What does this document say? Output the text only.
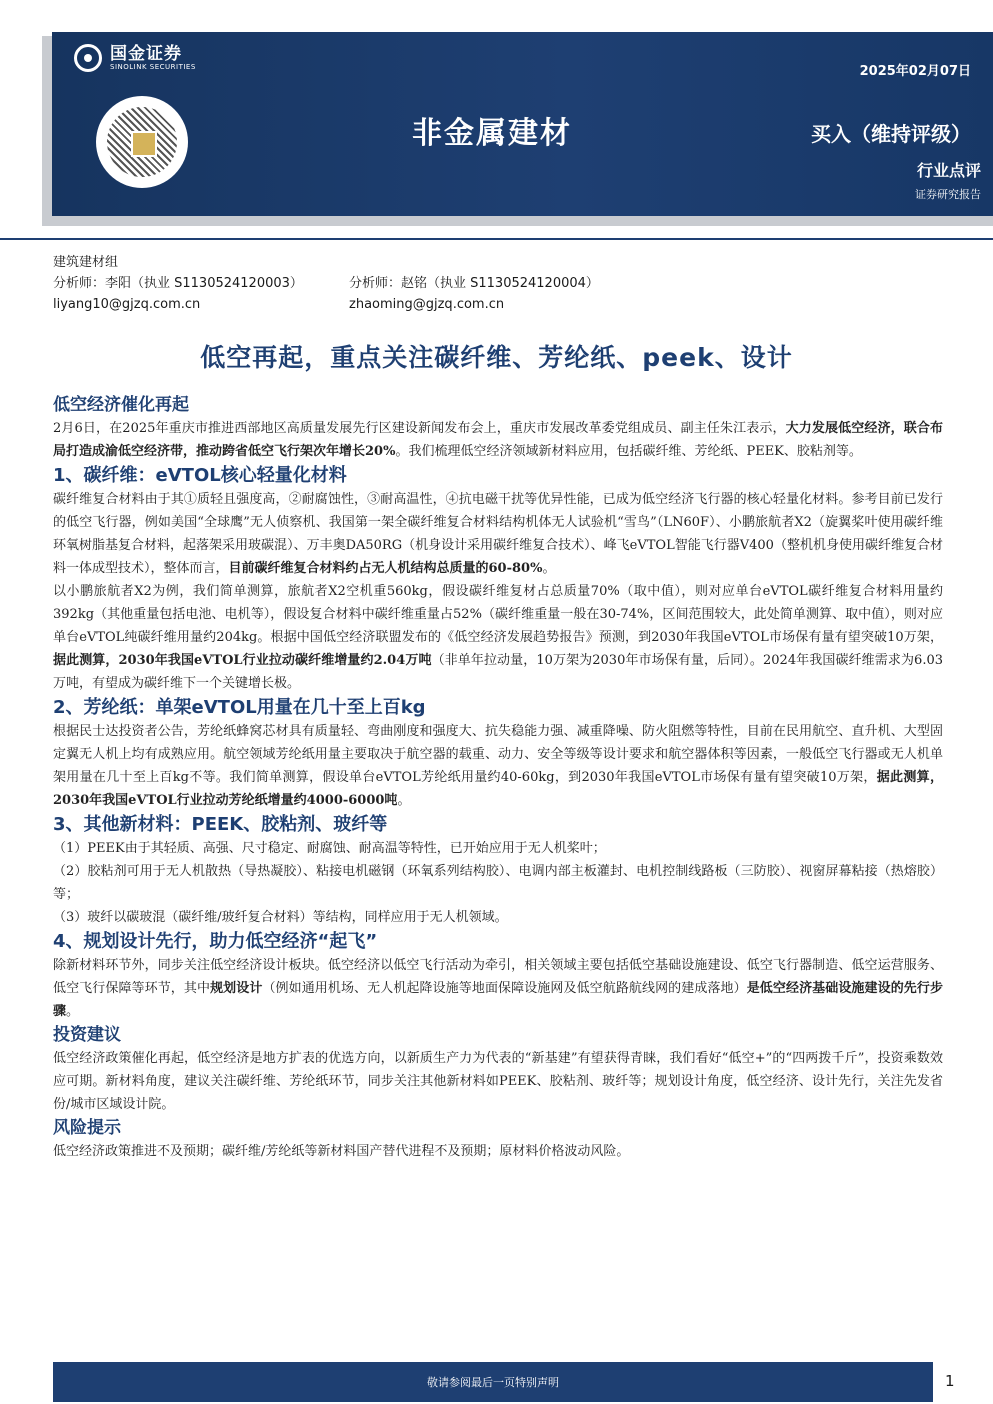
国金证券
SINOLINK SECURITIES	2025年02月07日
非金属建材	买入（维持评级）
行业点评
证券研究报告
建筑建材组
分析师：李阳（执业 S1130524120003）	分析师：赵铭（执业 S1130524120004）
liyang10@gjzq.com.cn	zhaoming@gjzq.com.cn
低空再起，重点关注碳纤维、芳纶纸、peek、设计
低空经济催化再起
2月6日，在2025年重庆市推进西部地区高质量发展先行区建设新闻发布会上，重庆市发展改革委党组成员、副主任朱江表示，大力发展低空经济，联合布局打造成渝低空经济带，推动跨省低空飞行架次年增长20%。我们梳理低空经济领域新材料应用，包括碳纤维、芳纶纸、PEEK、胶粘剂等。
1、碳纤维：eVTOL核心轻量化材料
碳纤维复合材料由于其①质轻且强度高，②耐腐蚀性，③耐高温性，④抗电磁干扰等优异性能，已成为低空经济飞行器的核心轻量化材料。参考目前已发行的低空飞行器，例如美国“全球鹰”无人侦察机、我国第一架全碳纤维复合材料结构机体无人试验机“雪鸟”（LN60F）、小鹏旅航者X2（旋翼桨叶使用碳纤维环氧树脂基复合材料，起落架采用玻碳混）、万丰奥DA50RG（机身设计采用碳纤维复合技术）、峰飞eVTOL智能飞行器V400（整机机身使用碳纤维复合材料一体成型技术），整体而言，目前碳纤维复合材料约占无人机结构总质量的60-80%。
以小鹏旅航者X2为例，我们简单测算，旅航者X2空机重560kg，假设碳纤维复材占总质量70%（取中值），则对应单台eVTOL碳纤维复合材料用量约392kg（其他重量包括电池、电机等），假设复合材料中碳纤维重量占52%（碳纤维重量一般在30-74%，区间范围较大，此处简单测算、取中值），则对应单台eVTOL纯碳纤维用量约204kg。根据中国低空经济联盟发布的《低空经济发展趋势报告》预测，到2030年我国eVTOL市场保有量有望突破10万架，据此测算，2030年我国eVTOL行业拉动碳纤维增量约2.04万吨（非单年拉动量，10万架为2030年市场保有量，后同）。2024年我国碳纤维需求为6.03万吨，有望成为碳纤维下一个关键增长极。
2、芳纶纸：单架eVTOL用量在几十至上百kg
根据民士达投资者公告，芳纶纸蜂窝芯材具有质量轻、弯曲刚度和强度大、抗失稳能力强、减重降噪、防火阻燃等特性，目前在民用航空、直升机、大型固定翼无人机上均有成熟应用。航空领域芳纶纸用量主要取决于航空器的载重、动力、安全等级等设计要求和航空器体积等因素，一般低空飞行器或无人机单架用量在几十至上百kg不等。我们简单测算，假设单台eVTOL芳纶纸用量约40-60kg，到2030年我国eVTOL市场保有量有望突破10万架，据此测算，2030年我国eVTOL行业拉动芳纶纸增量约4000-6000吨。
3、其他新材料：PEEK、胶粘剂、玻纤等
（1）PEEK由于其轻质、高强、尺寸稳定、耐腐蚀、耐高温等特性，已开始应用于无人机桨叶；
（2）胶粘剂可用于无人机散热（导热凝胶）、粘接电机磁钢（环氧系列结构胶）、电调内部主板灌封、电机控制线路板（三防胶）、视窗屏幕粘接（热熔胶）等；
（3）玻纤以碳玻混（碳纤维/玻纤复合材料）等结构，同样应用于无人机领域。
4、规划设计先行，助力低空经济“起飞”
除新材料环节外，同步关注低空经济设计板块。低空经济以低空飞行活动为牵引，相关领域主要包括低空基础设施建设、低空飞行器制造、低空运营服务、低空飞行保障等环节，其中规划设计（例如通用机场、无人机起降设施等地面保障设施网及低空航路航线网的建成落地）是低空经济基础设施建设的先行步骤。
投资建议
低空经济政策催化再起，低空经济是地方扩表的优选方向，以新质生产力为代表的“新基建”有望获得青睐，我们看好“低空+”的“四两拨千斤”，投资乘数效应可期。新材料角度，建议关注碳纤维、芳纶纸环节，同步关注其他新材料如PEEK、胶粘剂、玻纤等；规划设计角度，低空经济、设计先行，关注先发省份/城市区域设计院。
风险提示
低空经济政策推进不及预期；碳纤维/芳纶纸等新材料国产替代进程不及预期；原材料价格波动风险。
敬请参阅最后一页特别声明	1
